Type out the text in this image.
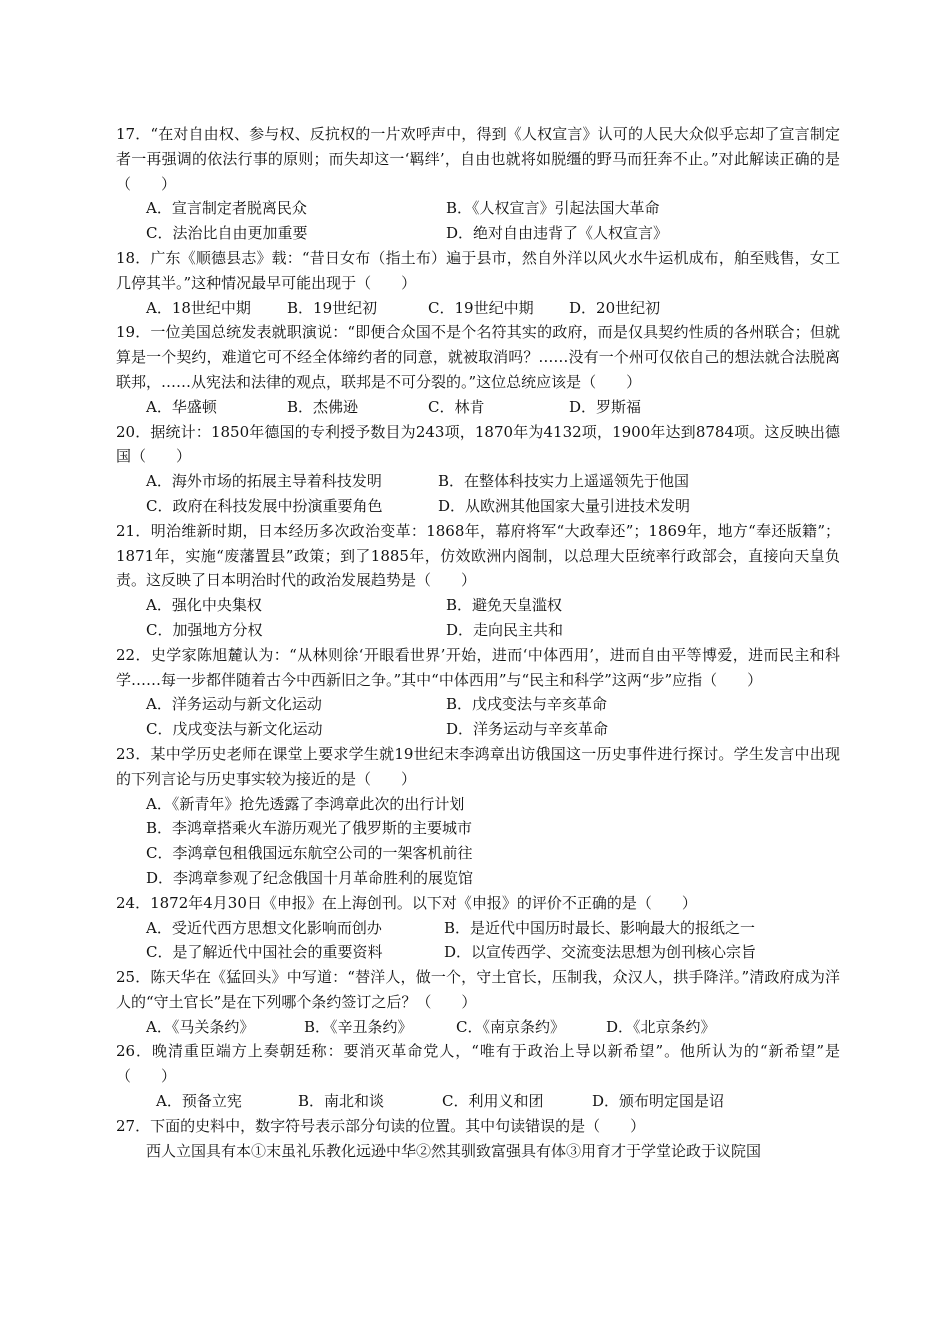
17．“在对自由权、参与权、反抗权的一片欢呼声中，得到《人权宣言》认可的人民大众似乎忘却了宣言制定者一再强调的依法行事的原则；而失却这一‘羁绊’，自由也就将如脱缰的野马而狂奔不止。”对此解读正确的是（　　）

A．宣言制定者脱离民众	B．《人权宣言》引起法国大革命
C．法治比自由更加重要	D．绝对自由违背了《人权宣言》

18．广东《顺德县志》载：“昔日女布（指土布）遍于县市，然自外洋以风火水牛运机成布，舶至贱售，女工几停其半。”这种情况最早可能出现于（　　）

A．18世纪中期	B．19世纪初	C．19世纪中期	D．20世纪初

19．一位美国总统发表就职演说：“即便合众国不是个名符其实的政府，而是仅具契约性质的各州联合；但就算是一个契约，难道它可不经全体缔约者的同意，就被取消吗？……没有一个州可仅依自己的想法就合法脱离联邦，……从宪法和法律的观点，联邦是不可分裂的。”这位总统应该是（　　）

A．华盛顿	B．杰佛逊	C．林肯	D．罗斯福

20．据统计：1850年德国的专利授予数目为243项，1870年为4132项，1900年达到8784项。这反映出德国（　　）

A．海外市场的拓展主导着科技发明	B．在整体科技实力上遥遥领先于他国
C．政府在科技发展中扮演重要角色	D．从欧洲其他国家大量引进技术发明

21．明治维新时期，日本经历多次政治变革：1868年，幕府将军“大政奉还”；1869年，地方“奉还版籍”；1871年，实施“废藩置县”政策；到了1885年，仿效欧洲内阁制，以总理大臣统率行政部会，直接向天皇负责。这反映了日本明治时代的政治发展趋势是（　　）

A．强化中央集权	B．避免天皇滥权
C．加强地方分权	D．走向民主共和

22．史学家陈旭麓认为：“从林则徐‘开眼看世界’开始，进而‘中体西用’，进而自由平等博爱，进而民主和科学……每一步都伴随着古今中西新旧之争。”其中“中体西用”与“民主和科学”这两“步”应指（　　）

A．洋务运动与新文化运动	B．戊戌变法与辛亥革命
C．戊戌变法与新文化运动	D．洋务运动与辛亥革命

23．某中学历史老师在课堂上要求学生就19世纪末李鸿章出访俄国这一历史事件进行探讨。学生发言中出现的下列言论与历史事实较为接近的是（　　）

A．《新青年》抢先透露了李鸿章此次的出行计划

B．李鸿章搭乘火车游历观光了俄罗斯的主要城市

C．李鸿章包租俄国远东航空公司的一架客机前往

D．李鸿章参观了纪念俄国十月革命胜利的展览馆

24．1872年4月30日《申报》在上海创刊。以下对《申报》的评价不正确的是（　　）

A．受近代西方思想文化影响而创办	B．是近代中国历时最长、影响最大的报纸之一
C．是了解近代中国社会的重要资料	D．以宣传西学、交流变法思想为创刊核心宗旨

25．陈天华在《猛回头》中写道：“替洋人，做一个，守土官长，压制我，众汉人，拱手降洋。”清政府成为洋人的“守土官长”是在下列哪个条约签订之后？（　　）

A．《马关条约》	B．《辛丑条约》	C．《南京条约》	D．《北京条约》

26．晚清重臣端方上奏朝廷称：要消灭革命党人，“唯有于政治上导以新希望”。他所认为的“新希望”是（　　）

A．预备立宪	B．南北和谈	C．利用义和团	D．颁布明定国是诏

27．下面的史料中，数字符号表示部分句读的位置。其中句读错误的是（　　）

西人立国具有本①末虽礼乐教化远逊中华②然其驯致富强具有体③用育才于学堂论政于议院国
